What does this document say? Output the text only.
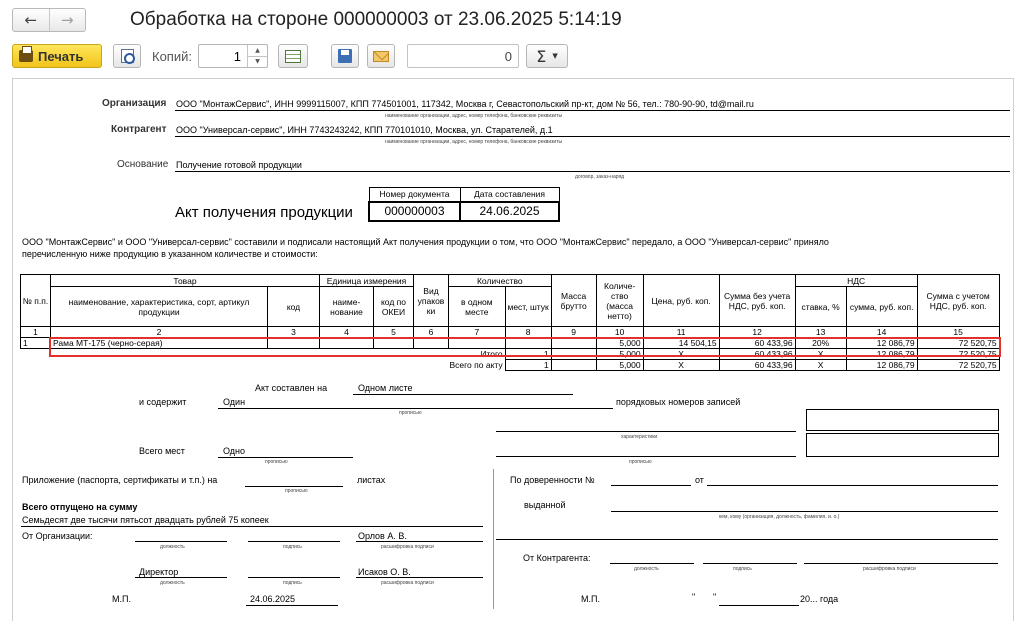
←	→	Обработка на стороне 000000003 от 23.06.2025 5:14:19
Печать	Копий:	1	▲
▼	0 Σ ▼
Организация ООО "МонтажСервис", ИНН 9999115007, КПП 774501001, 117342, Москва г, Севастопольский пр-кт, дом № 56, тел.: 780-90-90, td@mail.ru
наименование организации, адрес, номер телефона, банковские реквизиты
Контрагент ООО "Универсал-сервис", ИНН 7743243242, КПП 770101010, Москва, ул. Старателей, д.1
наименование организации, адрес, номер телефона, банковские реквизиты
Основание Получение готовой продукции
договор, заказ-наряд
Акт получения продукции
Номер документа	Дата составления
000000003	24.06.2025
ООО "МонтажСервис" и ООО "Универсал-сервис" составили и подписали настоящий Акт получения продукции о том, что ООО "МонтажСервис" передало, а ООО "Универсал-сервис" приняло
перечисленную ниже продукцию в указанном количестве и стоимости:
№ п.п.	Товар		Единица измерения		Вид упаков ки	Количество		Масса брутто	Количе- ство (масса нетто)	Цена, руб. коп.	Сумма без учета НДС, руб. коп.	НДС		Сумма с учетом НДС, руб. коп.
	наименование, характеристика, сорт, артикул продукции	код	наиме- нование	код по ОКЕИ		в одном месте	мест, штук					ставка, %	сумма, руб. коп.	
1	2	3	4	5	6	7	8	9	10	11	12	13	14	15
1	Рама МТ-175 (черно-серая)								5,000	14 504,15	60 433,96	20%	12 086,79	72 520,75
						Итого	1		5,000	X	60 433,96	X	12 086,79	72 520,75
						Всего по акту	1		5,000	X	60 433,96	X	12 086,79	72 520,75
Акт составлен на	Одном листе
и содержит	Один
прописью
порядковых номеров записей
характеристики
прописью
Всего мест	Одно
прописью
Приложение (паспорта, сертификаты и т.п.) на
прописью
листах
Всего отпущено на сумму
Семьдесят две тысячи пятьсот двадцать рублей 75 копеек
От Организации:	Орлов А. В.
должность	подпись	расшифровка подписи
Директор	Исаков О. В.
должность	подпись	расшифровка подписи
М.П.	24.06.2025
По доверенности №	от
выданной
кем, кому (организация, должность, фамилия, и. о.)
От Контрагента:
должность	подпись	расшифровка подписи
М.П.	" "	20... года
